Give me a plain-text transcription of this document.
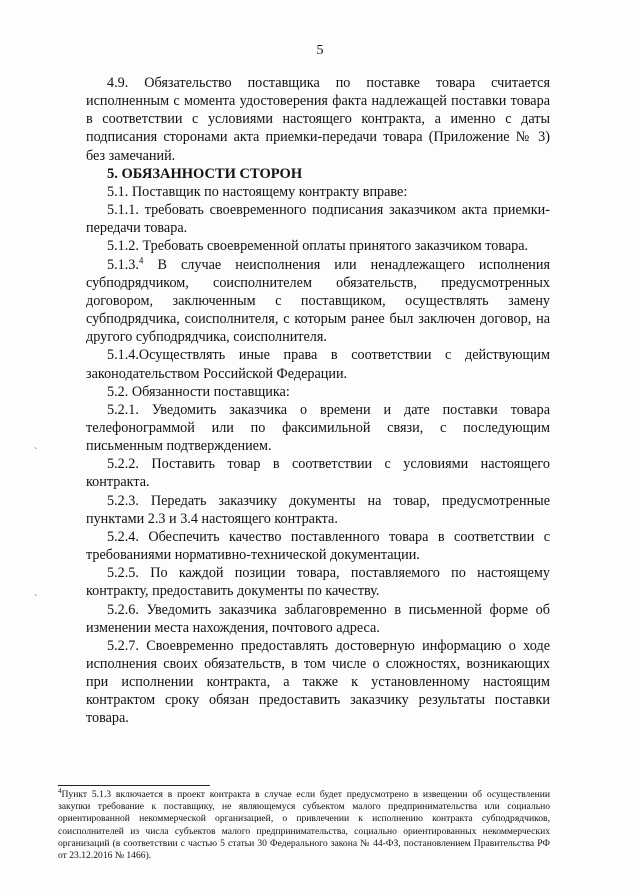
5

4.9. Обязательство поставщика по поставке товара считается исполненным с момента удостоверения факта надлежащей поставки товара в соответствии с условиями настоящего контракта, а именно с даты подписания сторонами акта приемки-передачи товара (Приложение № 3) без замечаний.

5. ОБЯЗАННОСТИ СТОРОН

5.1. Поставщик по настоящему контракту вправе:

5.1.1. требовать своевременного подписания заказчиком акта приемки-передачи товара.

5.1.2. Требовать своевременной оплаты принятого заказчиком товара.

5.1.3.$^4$ В случае неисполнения или ненадлежащего исполнения субподрядчиком, соисполнителем обязательств, предусмотренных договором, заключенным с поставщиком, осуществлять замену субподрядчика, соисполнителя, с которым ранее был заключен договор, на другого субподрядчика, соисполнителя.

5.1.4.Осуществлять иные права в соответствии с действующим законодательством Российской Федерации.

5.2. Обязанности поставщика:

5.2.1. Уведомить заказчика о времени и дате поставки товара телефонограммой или по факсимильной связи, с последующим письменным подтверждением.

5.2.2. Поставить товар в соответствии с условиями настоящего контракта.

5.2.3. Передать заказчику документы на товар, предусмотренные пунктами 2.3 и 3.4 настоящего контракта.

5.2.4. Обеспечить качество поставленного товара в соответствии с требованиями нормативно-технической документации.

5.2.5. По каждой позиции товара, поставляемого по настоящему контракту, предоставить документы по качеству.

5.2.6. Уведомить заказчика заблаговременно в письменной форме об изменении места нахождения, почтового адреса.

5.2.7. Своевременно предоставлять достоверную информацию о ходе исполнения своих обязательств, в том числе о сложностях, возникающих при исполнении контракта, а также к установленному настоящим контрактом сроку обязан предоставить заказчику результаты поставки товара.

`
`
$^4$Пункт 5.1.3 включается в проект контракта в случае если будет предусмотрено в извещении об осуществлении закупки требование к поставщику, не являющемуся субъектом малого предпринимательства или социально ориентированной некоммерческой организацией, о привлечении к исполнению контракта субподрядчиков, соисполнителей из числа субъектов малого предпринимательства, социально ориентированных некоммерческих организаций (в соответствии с частью 5 статьи 30 Федерального закона № 44-ФЗ, постановлением Правительства РФ от 23.12.2016 № 1466).
